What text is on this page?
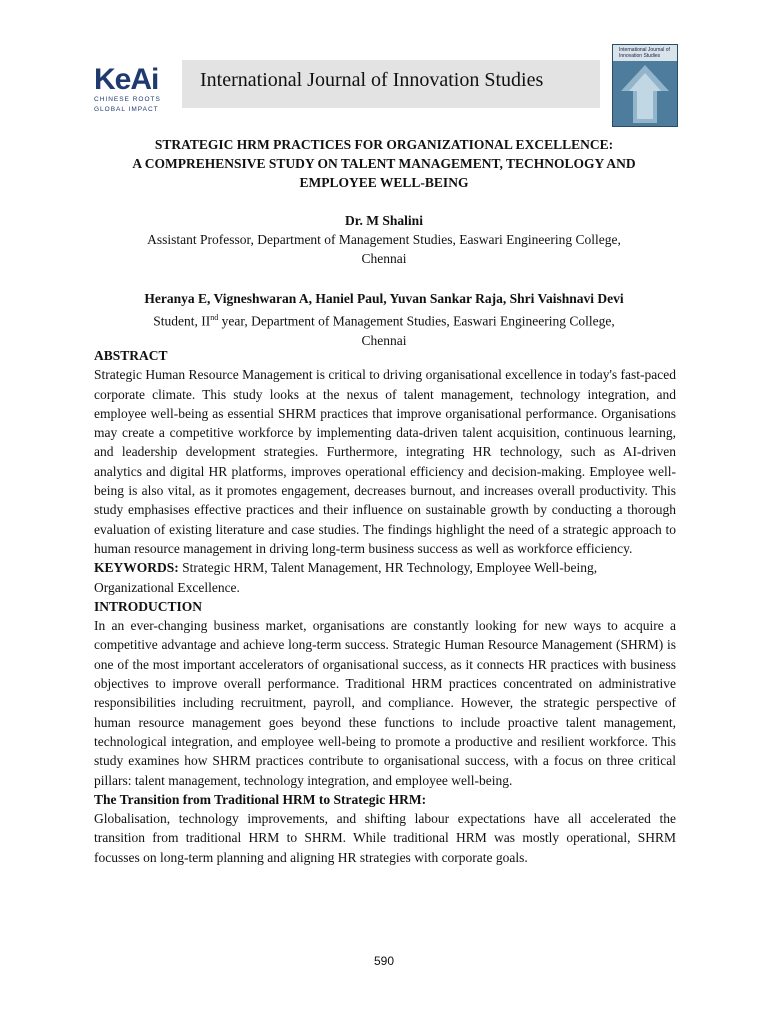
KeAi
CHINESE ROOTS
GLOBAL IMPACT
International Journal of Innovation Studies
International Journal of Innovation Studies
STRATEGIC HRM PRACTICES FOR ORGANIZATIONAL EXCELLENCE:
A COMPREHENSIVE STUDY ON TALENT MANAGEMENT, TECHNOLOGY AND
EMPLOYEE WELL-BEING
Dr. M Shalini
Assistant Professor, Department of Management Studies, Easwari Engineering College,
Chennai
Heranya E, Vigneshwaran A, Haniel Paul, Yuvan Sankar Raja, Shri Vaishnavi Devi
Student, IInd year, Department of Management Studies, Easwari Engineering College,
Chennai
ABSTRACT

Strategic Human Resource Management is critical to driving organisational excellence in today's fast-paced corporate climate. This study looks at the nexus of talent management, technology integration, and employee well-being as essential SHRM practices that improve organisational performance. Organisations may create a competitive workforce by implementing data-driven talent acquisition, continuous learning, and leadership development strategies. Furthermore, integrating HR technology, such as AI-driven analytics and digital HR platforms, improves operational efficiency and decision-making. Employee well-being is also vital, as it promotes engagement, decreases burnout, and increases overall productivity. This study emphasises effective practices and their influence on sustainable growth by conducting a thorough evaluation of existing literature and case studies. The findings highlight the need of a strategic approach to human resource management in driving long-term business success as well as workforce efficiency.

KEYWORDS: Strategic HRM, Talent Management, HR Technology, Employee Well-being, Organizational Excellence.

INTRODUCTION

In an ever-changing business market, organisations are constantly looking for new ways to acquire a competitive advantage and achieve long-term success. Strategic Human Resource Management (SHRM) is one of the most important accelerators of organisational success, as it connects HR practices with business objectives to improve overall performance. Traditional HRM practices concentrated on administrative responsibilities including recruitment, payroll, and compliance. However, the strategic perspective of human resource management goes beyond these functions to include proactive talent management, technological integration, and employee well-being to promote a productive and resilient workforce. This study examines how SHRM practices contribute to organisational success, with a focus on three critical pillars: talent management, technology integration, and employee well-being.

The Transition from Traditional HRM to Strategic HRM:

Globalisation, technology improvements, and shifting labour expectations have all accelerated the transition from traditional HRM to SHRM. While traditional HRM was mostly operational, SHRM focusses on long-term planning and aligning HR strategies with corporate goals.

590
